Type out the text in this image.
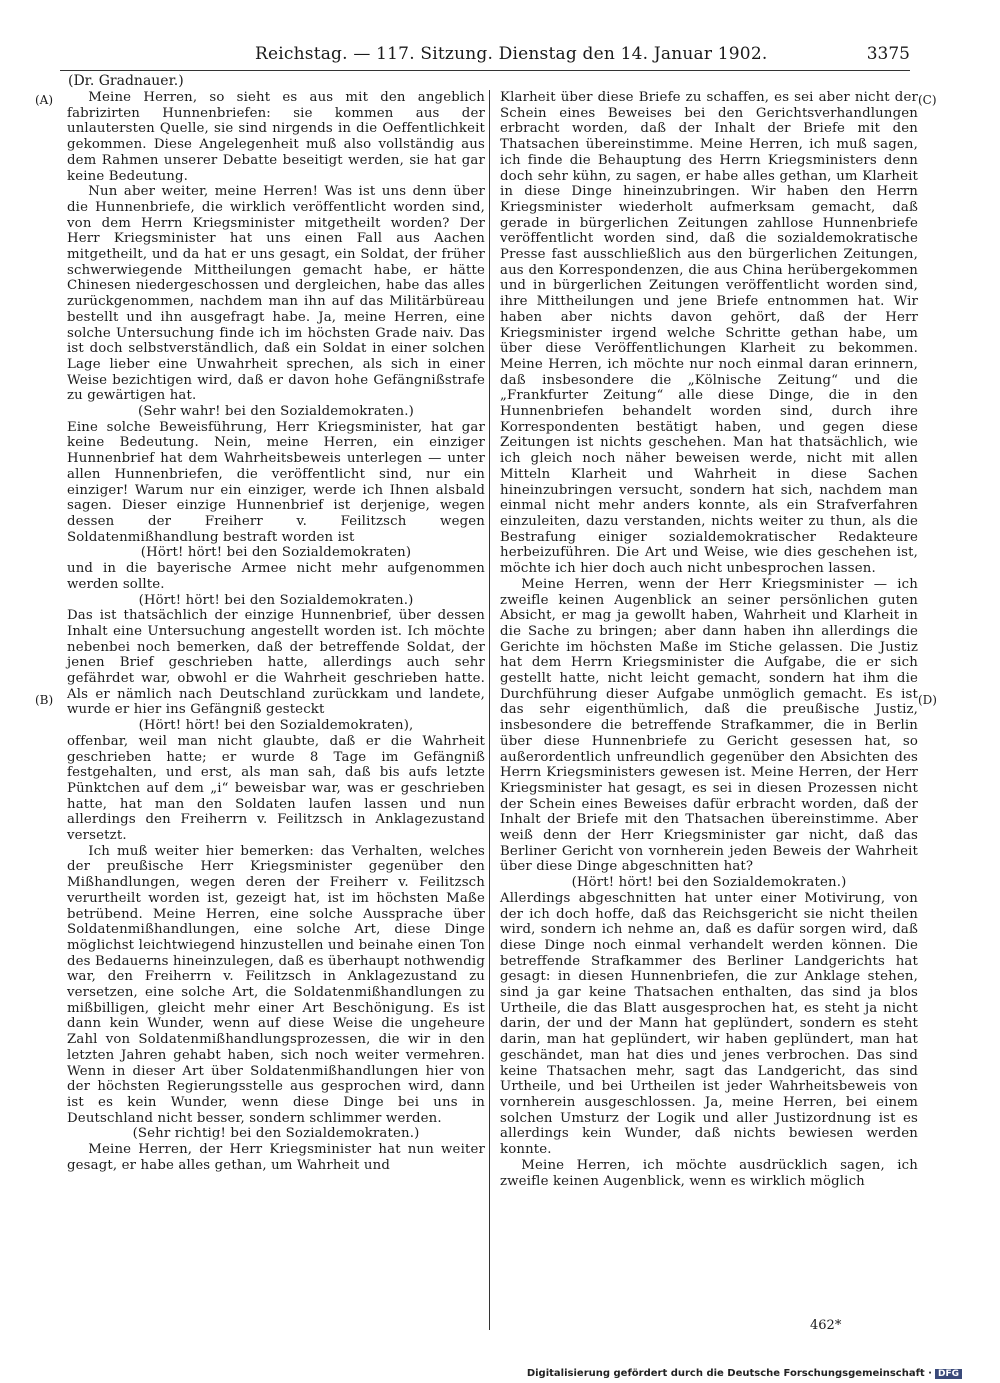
Reichstag. — 117. Sitzung. Dienstag den 14. Januar 1902.	3375
(Dr. Gradnauer.)
(A)
(B)
(C)
(D)

Meine Herren, so sieht es aus mit den angeblich fabrizirten Hunnenbriefen: sie kommen aus der unlautersten Quelle, sie sind nirgends in die Oeffentlichkeit gekommen. Diese Angelegenheit muß also vollständig aus dem Rahmen unserer Debatte beseitigt werden, sie hat gar keine Bedeutung.

Nun aber weiter, meine Herren! Was ist uns denn über die Hunnenbriefe, die wirklich veröffentlicht worden sind, von dem Herrn Kriegsminister mitgetheilt worden? Der Herr Kriegsminister hat uns einen Fall aus Aachen mitgetheilt, und da hat er uns gesagt, ein Soldat, der früher schwerwiegende Mittheilungen gemacht habe, er hätte Chinesen niedergeschossen und dergleichen, habe das alles zurückgenommen, nachdem man ihn auf das Militärbüreau bestellt und ihn ausgefragt habe. Ja, meine Herren, eine solche Untersuchung finde ich im höchsten Grade naiv. Das ist doch selbstverständlich, daß ein Soldat in einer solchen Lage lieber eine Unwahrheit sprechen, als sich in einer Weise bezichtigen wird, daß er davon hohe Gefängnißstrafe zu gewärtigen hat.

(Sehr wahr! bei den Sozialdemokraten.)

Eine solche Beweisführung, Herr Kriegsminister, hat gar keine Bedeutung. Nein, meine Herren, ein einziger Hunnenbrief hat dem Wahrheitsbeweis unterlegen — unter allen Hunnenbriefen, die veröffentlicht sind, nur ein einziger! Warum nur ein einziger, werde ich Ihnen alsbald sagen. Dieser einzige Hunnenbrief ist derjenige, wegen dessen der Freiherr v. Feilitzsch wegen Soldatenmißhandlung bestraft worden ist

(Hört! hört! bei den Sozialdemokraten)

und in die bayerische Armee nicht mehr aufgenommen werden sollte.

(Hört! hört! bei den Sozialdemokraten.)

Das ist thatsächlich der einzige Hunnenbrief, über dessen Inhalt eine Untersuchung angestellt worden ist. Ich möchte nebenbei noch bemerken, daß der betreffende Soldat, der jenen Brief geschrieben hatte, allerdings auch sehr gefährdet war, obwohl er die Wahrheit geschrieben hatte. Als er nämlich nach Deutschland zurückkam und landete, wurde er hier ins Gefängniß gesteckt

(Hört! hört! bei den Sozialdemokraten),

offenbar, weil man nicht glaubte, daß er die Wahrheit geschrieben hatte; er wurde 8 Tage im Gefängniß festgehalten, und erst, als man sah, daß bis aufs letzte Pünktchen auf dem „i“ beweisbar war, was er geschrieben hatte, hat man den Soldaten laufen lassen und nun allerdings den Freiherrn v. Feilitzsch in Anklagezustand versetzt.

Ich muß weiter hier bemerken: das Verhalten, welches der preußische Herr Kriegsminister gegenüber den Mißhandlungen, wegen deren der Freiherr v. Feilitzsch verurtheilt worden ist, gezeigt hat, ist im höchsten Maße betrübend. Meine Herren, eine solche Aussprache über Soldatenmißhandlungen, eine solche Art, diese Dinge möglichst leichtwiegend hinzustellen und beinahe einen Ton des Bedauerns hineinzulegen, daß es überhaupt nothwendig war, den Freiherrn v. Feilitzsch in Anklagezustand zu versetzen, eine solche Art, die Soldatenmißhandlungen zu mißbilligen, gleicht mehr einer Art Beschönigung. Es ist dann kein Wunder, wenn auf diese Weise die ungeheure Zahl von Soldatenmißhandlungsprozessen, die wir in den letzten Jahren gehabt haben, sich noch weiter vermehren. Wenn in dieser Art über Soldatenmißhandlungen hier von der höchsten Regierungsstelle aus gesprochen wird, dann ist es kein Wunder, wenn diese Dinge bei uns in Deutschland nicht besser, sondern schlimmer werden.

(Sehr richtig! bei den Sozialdemokraten.)

Meine Herren, der Herr Kriegsminister hat nun weiter gesagt, er habe alles gethan, um Wahrheit und

Klarheit über diese Briefe zu schaffen, es sei aber nicht der Schein eines Beweises bei den Gerichtsverhandlungen erbracht worden, daß der Inhalt der Briefe mit den Thatsachen übereinstimme. Meine Herren, ich muß sagen, ich finde die Behauptung des Herrn Kriegsministers denn doch sehr kühn, zu sagen, er habe alles gethan, um Klarheit in diese Dinge hineinzubringen. Wir haben den Herrn Kriegsminister wiederholt aufmerksam gemacht, daß gerade in bürgerlichen Zeitungen zahllose Hunnenbriefe veröffentlicht worden sind, daß die sozialdemokratische Presse fast ausschließlich aus den bürgerlichen Zeitungen, aus den Korrespondenzen, die aus China herübergekommen und in bürgerlichen Zeitungen veröffentlicht worden sind, ihre Mittheilungen und jene Briefe entnommen hat. Wir haben aber nichts davon gehört, daß der Herr Kriegsminister irgend welche Schritte gethan habe, um über diese Veröffentlichungen Klarheit zu bekommen. Meine Herren, ich möchte nur noch einmal daran erinnern, daß insbesondere die „Kölnische Zeitung“ und die „Frankfurter Zeitung“ alle diese Dinge, die in den Hunnenbriefen behandelt worden sind, durch ihre Korrespondenten bestätigt haben, und gegen diese Zeitungen ist nichts geschehen. Man hat thatsächlich, wie ich gleich noch näher beweisen werde, nicht mit allen Mitteln Klarheit und Wahrheit in diese Sachen hineinzubringen versucht, sondern hat sich, nachdem man einmal nicht mehr anders konnte, als ein Strafverfahren einzuleiten, dazu verstanden, nichts weiter zu thun, als die Bestrafung einiger sozialdemokratischer Redakteure herbeizuführen. Die Art und Weise, wie dies geschehen ist, möchte ich hier doch auch nicht unbesprochen lassen.

Meine Herren, wenn der Herr Kriegsminister — ich zweifle keinen Augenblick an seiner persönlichen guten Absicht, er mag ja gewollt haben, Wahrheit und Klarheit in die Sache zu bringen; aber dann haben ihn allerdings die Gerichte im höchsten Maße im Stiche gelassen. Die Justiz hat dem Herrn Kriegsminister die Aufgabe, die er sich gestellt hatte, nicht leicht gemacht, sondern hat ihm die Durchführung dieser Aufgabe unmöglich gemacht. Es ist das sehr eigenthümlich, daß die preußische Justiz, insbesondere die betreffende Strafkammer, die in Berlin über diese Hunnenbriefe zu Gericht gesessen hat, so außerordentlich unfreundlich gegenüber den Absichten des Herrn Kriegsministers gewesen ist. Meine Herren, der Herr Kriegsminister hat gesagt, es sei in diesen Prozessen nicht der Schein eines Beweises dafür erbracht worden, daß der Inhalt der Briefe mit den Thatsachen übereinstimme. Aber weiß denn der Herr Kriegsminister gar nicht, daß das Berliner Gericht von vornherein jeden Beweis der Wahrheit über diese Dinge abgeschnitten hat?

(Hört! hört! bei den Sozialdemokraten.)

Allerdings abgeschnitten hat unter einer Motivirung, von der ich doch hoffe, daß das Reichsgericht sie nicht theilen wird, sondern ich nehme an, daß es dafür sorgen wird, daß diese Dinge noch einmal verhandelt werden können. Die betreffende Strafkammer des Berliner Landgerichts hat gesagt: in diesen Hunnenbriefen, die zur Anklage stehen, sind ja gar keine Thatsachen enthalten, das sind ja blos Urtheile, die das Blatt ausgesprochen hat, es steht ja nicht darin, der und der Mann hat geplündert, sondern es steht darin, man hat geplündert, wir haben geplündert, man hat geschändet, man hat dies und jenes verbrochen. Das sind keine Thatsachen mehr, sagt das Landgericht, das sind Urtheile, und bei Urtheilen ist jeder Wahrheitsbeweis von vornherein ausgeschlossen. Ja, meine Herren, bei einem solchen Umsturz der Logik und aller Justizordnung ist es allerdings kein Wunder, daß nichts bewiesen werden konnte.

Meine Herren, ich möchte ausdrücklich sagen, ich zweifle keinen Augenblick, wenn es wirklich möglich

462*
Digitalisierung gefördert durch die Deutsche Forschungsgemeinschaft · DFG
